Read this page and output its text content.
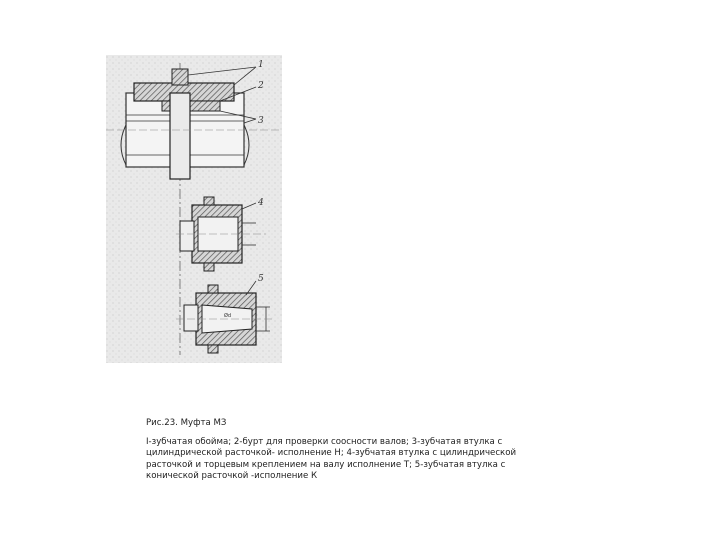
Ød
1
2
3
4
5
Рис.23. Муфта МЗ
I-зубчатая обойма; 2-бурт для проверки соосности валов; 3-зубчатая втулка с
цилиндрической расточкой- исполнение Н; 4-зубчатая втулка с цилиндрической
расточкой и торцевым креплением на валу исполнение Т; 5-зубчатая втулка с
конической расточкой -исполнение К
